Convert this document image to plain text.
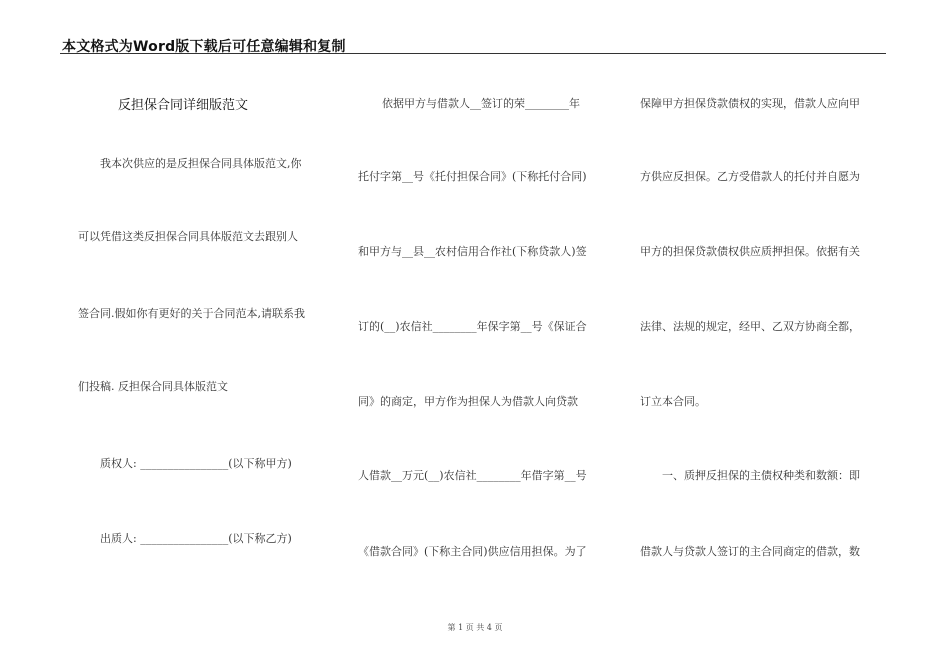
本文格式为Word版下载后可任意编辑和复制
反担保合同详细版范文
我本次供应的是反担保合同具体版范文,你
可以凭借这类反担保合同具体版范文去跟别人
签合同.假如你有更好的关于合同范本,请联系我
们投稿. 反担保合同具体版范文
质权人: ________________(以下称甲方)
出质人: ________________(以下称乙方)
依据甲方与借款人__签订的荣________年
托付字第__号《托付担保合同》(下称托付合同)
和甲方与__县__农村信用合作社(下称贷款人)签
订的(__)农信社________年保字第__号《保证合
同》的商定，甲方作为担保人为借款人向贷款
人借款__万元(__)农信社________年借字第__号
《借款合同》(下称主合同)供应信用担保。为了
保障甲方担保贷款债权的实现，借款人应向甲
方供应反担保。乙方受借款人的托付并自愿为
甲方的担保贷款债权供应质押担保。依据有关
法律、法规的规定，经甲、乙双方协商全都，
订立本合同。
一、质押反担保的主债权种类和数额：即
借款人与贷款人签订的主合同商定的借款，数
第 1 页 共 4 页
